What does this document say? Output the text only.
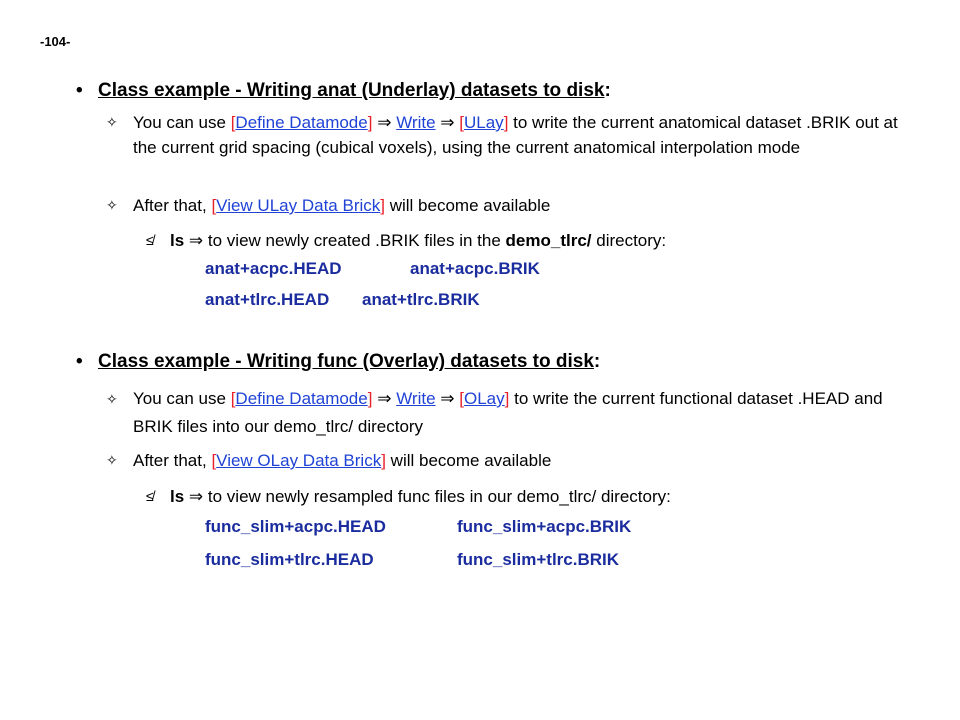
-104-
• Class example - Writing anat (Underlay) datasets to disk:
✧ You can use [Define Datamode] ⇒ Write ⇒ [ULay] to write the current anatomical dataset .BRIK out at the current grid spacing (cubical voxels), using the current anatomical interpolation mode
✧ After that, [View ULay Data Brick] will become available
≰ ls ⇒ to view newly created .BRIK files in the demo_tlrc/ directory:
anat+acpc.HEAD	anat+acpc.BRIK
anat+tlrc.HEAD anat+tlrc.BRIK
• Class example - Writing func (Overlay) datasets to disk:
✧ You can use [Define Datamode] ⇒ Write ⇒ [OLay] to write the current functional dataset .HEAD and BRIK files into our demo_tlrc/ directory
✧ After that, [View OLay Data Brick] will become available
≰ ls ⇒ to view newly resampled func files in our demo_tlrc/ directory:
func_slim+acpc.HEAD	func_slim+acpc.BRIK
func_slim+tlrc.HEAD	func_slim+tlrc.BRIK
